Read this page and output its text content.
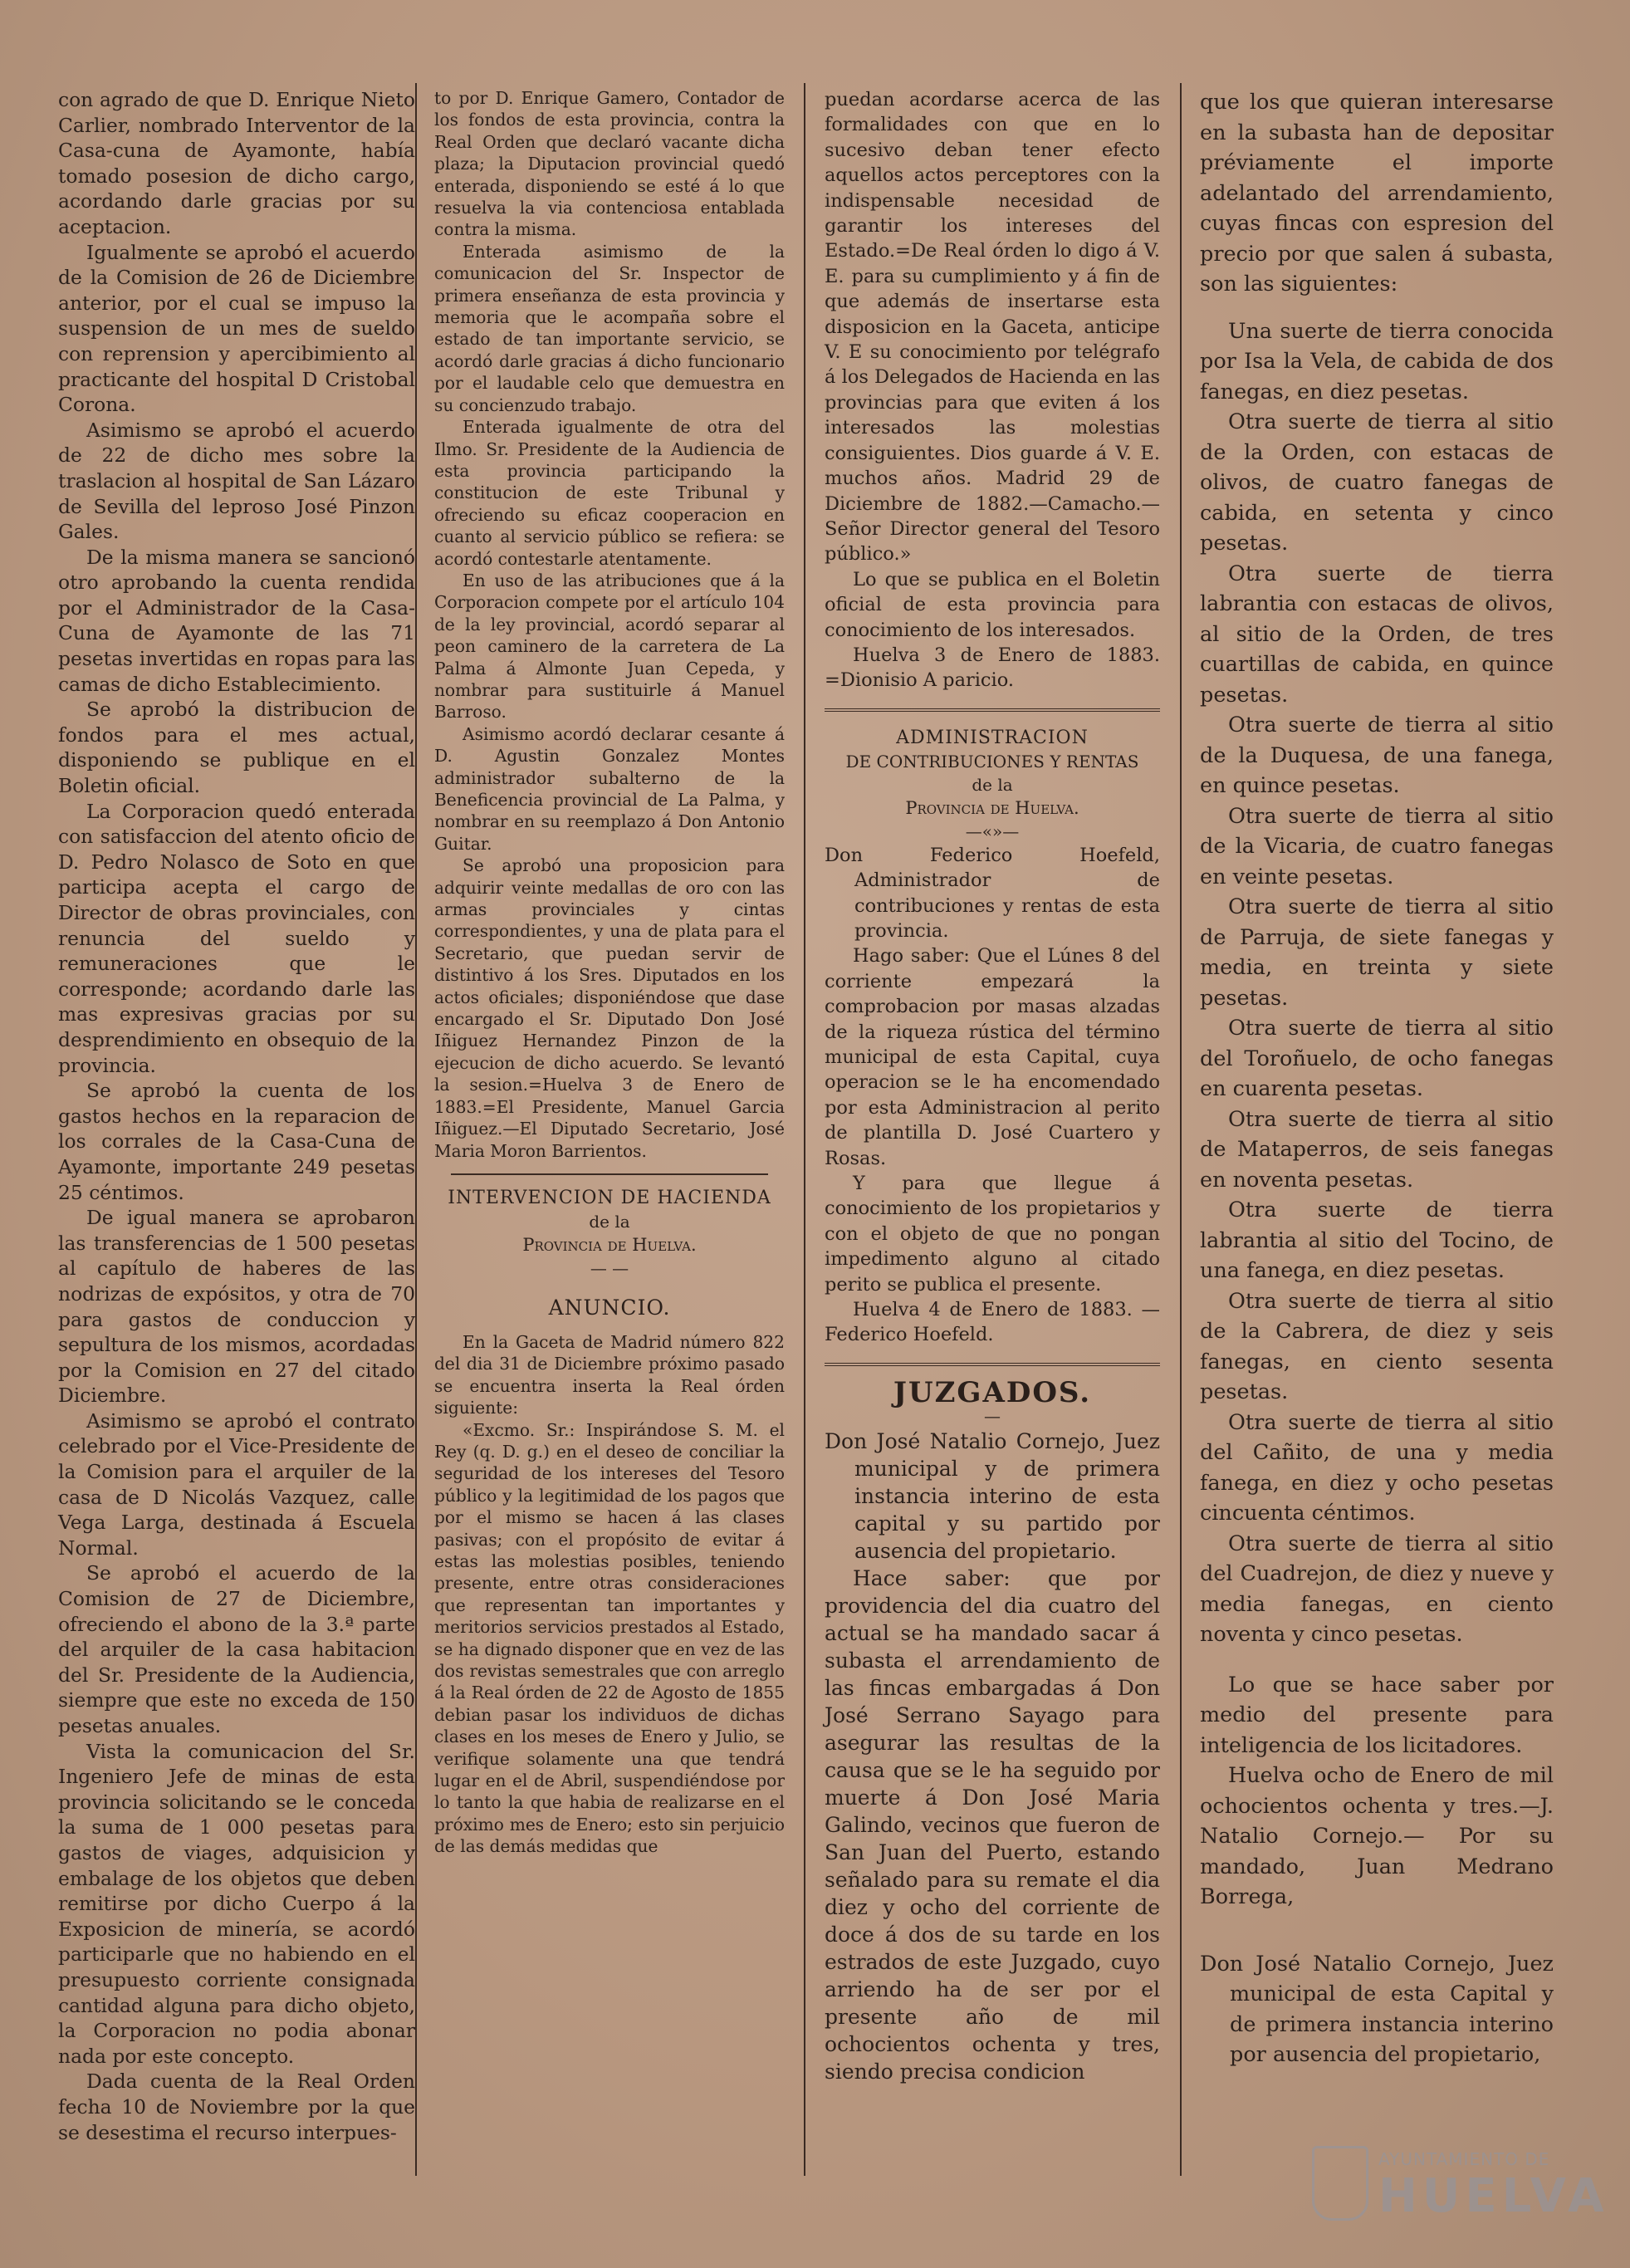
con agrado de que D. Enrique Nieto Carlier, nombrado Interventor de la Casa-cuna de Ayamonte, había tomado posesion de dicho cargo, acordando darle gracias por su aceptacion.

Igualmente se aprobó el acuerdo de la Comision de 26 de Diciembre anterior, por el cual se impuso la suspension de un mes de sueldo con reprension y apercibimiento al practicante del hospital D Cristobal Corona.

Asimismo se aprobó el acuerdo de 22 de dicho mes sobre la traslacion al hospital de San Lázaro de Sevilla del leproso José Pinzon Gales.

De la misma manera se sancionó otro aprobando la cuenta rendida por el Administrador de la Casa-Cuna de Ayamonte de las 71 pesetas invertidas en ropas para las camas de dicho Establecimiento.

Se aprobó la distribucion de fondos para el mes actual, disponiendo se publique en el Boletin oficial.

La Corporacion quedó enterada con satisfaccion del atento oficio de D. Pedro Nolasco de Soto en que participa acepta el cargo de Director de obras provinciales, con renuncia del sueldo y remuneraciones que le corresponde; acordando darle las mas expresivas gracias por su desprendimiento en obsequio de la provincia.

Se aprobó la cuenta de los gastos hechos en la reparacion de los corrales de la Casa-Cuna de Ayamonte, importante 249 pesetas 25 céntimos.

De igual manera se aprobaron las transferencias de 1 500 pesetas al capítulo de haberes de las nodrizas de expósitos, y otra de 70 para gastos de conduccion y sepultura de los mismos, acordadas por la Comision en 27 del citado Diciembre.

Asimismo se aprobó el contrato celebrado por el Vice-Presidente de la Comision para el arquiler de la casa de D Nicolás Vazquez, calle Vega Larga, destinada á Escuela Normal.

Se aprobó el acuerdo de la Comision de 27 de Diciembre, ofreciendo el abono de la 3.ª parte del arquiler de la casa habitacion del Sr. Presidente de la Audiencia, siempre que este no exceda de 150 pesetas anuales.

Vista la comunicacion del Sr. Ingeniero Jefe de minas de esta provincia solicitando se le conceda la suma de 1 000 pesetas para gastos de viages, adquisicion y embalage de los objetos que deben remitirse por dicho Cuerpo á la Exposicion de minería, se acordó participarle que no habiendo en el presupuesto corriente consignada cantidad alguna para dicho objeto, la Corporacion no podia abonar nada por este concepto.

Dada cuenta de la Real Orden fecha 10 de Noviembre por la que se desestima el recurso interpues-

to por D. Enrique Gamero, Contador de los fondos de esta provincia, contra la Real Orden que declaró vacante dicha plaza; la Diputacion provincial quedó enterada, disponiendo se esté á lo que resuelva la via contenciosa entablada contra la misma.

Enterada asimismo de la comunicacion del Sr. Inspector de primera enseñanza de esta provincia y memoria que le acompaña sobre el estado de tan importante servicio, se acordó darle gracias á dicho funcionario por el laudable celo que demuestra en su concienzudo trabajo.

Enterada igualmente de otra del Ilmo. Sr. Presidente de la Audiencia de esta provincia participando la constitucion de este Tribunal y ofreciendo su eficaz cooperacion en cuanto al servicio público se refiera: se acordó contestarle atentamente.

En uso de las atribuciones que á la Corporacion compete por el artículo 104 de la ley provincial, acordó separar al peon caminero de la carretera de La Palma á Almonte Juan Cepeda, y nombrar para sustituirle á Manuel Barroso.

Asimismo acordó declarar cesante á D. Agustin Gonzalez Montes administrador subalterno de la Beneficencia provincial de La Palma, y nombrar en su reemplazo á Don Antonio Guitar.

Se aprobó una proposicion para adquirir veinte medallas de oro con las armas provinciales y cintas correspondientes, y una de plata para el Secretario, que puedan servir de distintivo á los Sres. Diputados en los actos oficiales; disponiéndose que dase encargado el Sr. Diputado Don José Iñiguez Hernandez Pinzon de la ejecucion de dicho acuerdo. Se levantó la sesion.=Huelva 3 de Enero de 1883.=El Presidente, Manuel Garcia Iñiguez.—El Diputado Secretario, José Maria Moron Barrientos.

INTERVENCION DE HACIENDA
de la
Provincia de Huelva.
— —
ANUNCIO.

En la Gaceta de Madrid número 822 del dia 31 de Diciembre próximo pasado se encuentra inserta la Real órden siguiente:

«Excmo. Sr.: Inspirándose S. M. el Rey (q. D. g.) en el deseo de conciliar la seguridad de los intereses del Tesoro público y la legitimidad de los pagos que por el mismo se hacen á las clases pasivas; con el propósito de evitar á estas las molestias posibles, teniendo presente, entre otras consideraciones que representan tan importantes y meritorios servicios prestados al Estado, se ha dignado disponer que en vez de las dos revistas semestrales que con arreglo á la Real órden de 22 de Agosto de 1855 debian pasar los individuos de dichas clases en los meses de Enero y Julio, se verifique solamente una que tendrá lugar en el de Abril, suspendiéndose por lo tanto la que habia de realizarse en el próximo mes de Enero; esto sin perjuicio de las demás medidas que

puedan acordarse acerca de las formalidades con que en lo sucesivo deban tener efecto aquellos actos perceptores con la indispensable necesidad de garantir los intereses del Estado.=De Real órden lo digo á V. E. para su cumplimiento y á fin de que además de insertarse esta disposicion en la Gaceta, anticipe V. E su conocimiento por telégrafo á los Delegados de Hacienda en las provincias para que eviten á los interesados las molestias consiguientes. Dios guarde á V. E. muchos años. Madrid 29 de Diciembre de 1882.—Camacho.—Señor Director general del Tesoro público.»

Lo que se publica en el Boletin oficial de esta provincia para conocimiento de los interesados.

Huelva 3 de Enero de 1883. =Dionisio A paricio.

ADMINISTRACION
DE CONTRIBUCIONES Y RENTAS
de la
Provincia de Huelva.
—«»—

Don Federico Hoefeld, Administrador de contribuciones y rentas de esta provincia.

Hago saber: Que el Lúnes 8 del corriente empezará la comprobacion por masas alzadas de la riqueza rústica del término municipal de esta Capital, cuya operacion se le ha encomendado por esta Administracion al perito de plantilla D. José Cuartero y Rosas.

Y para que llegue á conocimiento de los propietarios y con el objeto de que no pongan impedimento alguno al citado perito se publica el presente.

Huelva 4 de Enero de 1883. —Federico Hoefeld.

JUZGADOS.
—

Don José Natalio Cornejo, Juez municipal y de primera instancia interino de esta capital y su partido por ausencia del propietario.

Hace saber: que por providencia del dia cuatro del actual se ha mandado sacar á subasta el arrendamiento de las fincas embargadas á Don José Serrano Sayago para asegurar las resultas de la causa que se le ha seguido por muerte á Don José Maria Galindo, vecinos que fueron de San Juan del Puerto, estando señalado para su remate el dia diez y ocho del corriente de doce á dos de su tarde en los estrados de este Juzgado, cuyo arriendo ha de ser por el presente año de mil ochocientos ochenta y tres, siendo precisa condicion

que los que quieran interesarse en la subasta han de depositar préviamente el importe adelantado del arrendamiento, cuyas fincas con espresion del precio por que salen á subasta, son las siguientes:

Una suerte de tierra conocida por Isa la Vela, de cabida de dos fanegas, en diez pesetas.

Otra suerte de tierra al sitio de la Orden, con estacas de olivos, de cuatro fanegas de cabida, en setenta y cinco pesetas.

Otra suerte de tierra labrantia con estacas de olivos, al sitio de la Orden, de tres cuartillas de cabida, en quince pesetas.

Otra suerte de tierra al sitio de la Duquesa, de una fanega, en quince pesetas.

Otra suerte de tierra al sitio de la Vicaria, de cuatro fanegas en veinte pesetas.

Otra suerte de tierra al sitio de Parruja, de siete fanegas y media, en treinta y siete pesetas.

Otra suerte de tierra al sitio del Toroñuelo, de ocho fanegas en cuarenta pesetas.

Otra suerte de tierra al sitio de Mataperros, de seis fanegas en noventa pesetas.

Otra suerte de tierra labrantia al sitio del Tocino, de una fanega, en diez pesetas.

Otra suerte de tierra al sitio de la Cabrera, de diez y seis fanegas, en ciento sesenta pesetas.

Otra suerte de tierra al sitio del Cañito, de una y media fanega, en diez y ocho pesetas cincuenta céntimos.

Otra suerte de tierra al sitio del Cuadrejon, de diez y nueve y media fanegas, en ciento noventa y cinco pesetas.

Lo que se hace saber por medio del presente para inteligencia de los licitadores.

Huelva ocho de Enero de mil ochocientos ochenta y tres.—J. Natalio Cornejo.— Por su mandado, Juan Medrano Borrega,

Don José Natalio Cornejo, Juez municipal de esta Capital y de primera instancia interino por ausencia del propietario,

AYUNTAMIENTO DE
HUELVA
